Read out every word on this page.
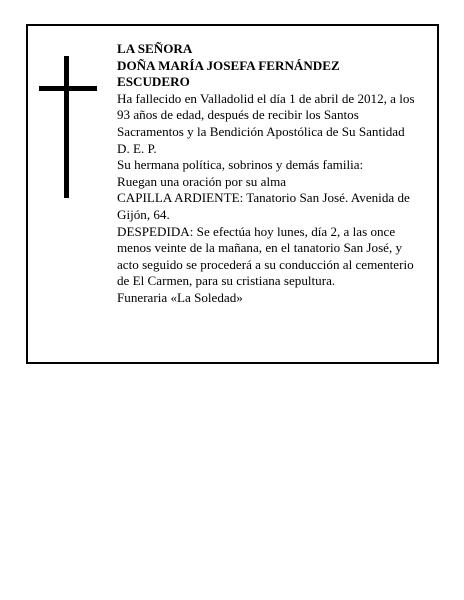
LA SEÑORA

DOÑA MARÍA JOSEFA FERNÁNDEZ ESCUDERO

Ha fallecido en Valladolid el día 1 de abril de 2012, a los 93 años de edad, después de recibir los Santos Sacramentos y la Bendición Apostólica de Su Santidad

D. E. P.

Su hermana política, sobrinos y demás familia:

Ruegan una oración por su alma

CAPILLA ARDIENTE: Tanatorio San José. Avenida de Gijón, 64.

DESPEDIDA: Se efectúa hoy lunes, día 2, a las once menos veinte de la mañana, en el tanatorio San José, y acto seguido se procederá a su conducción al cementerio de El Carmen, para su cristiana sepultura.

Funeraria «La Soledad»
